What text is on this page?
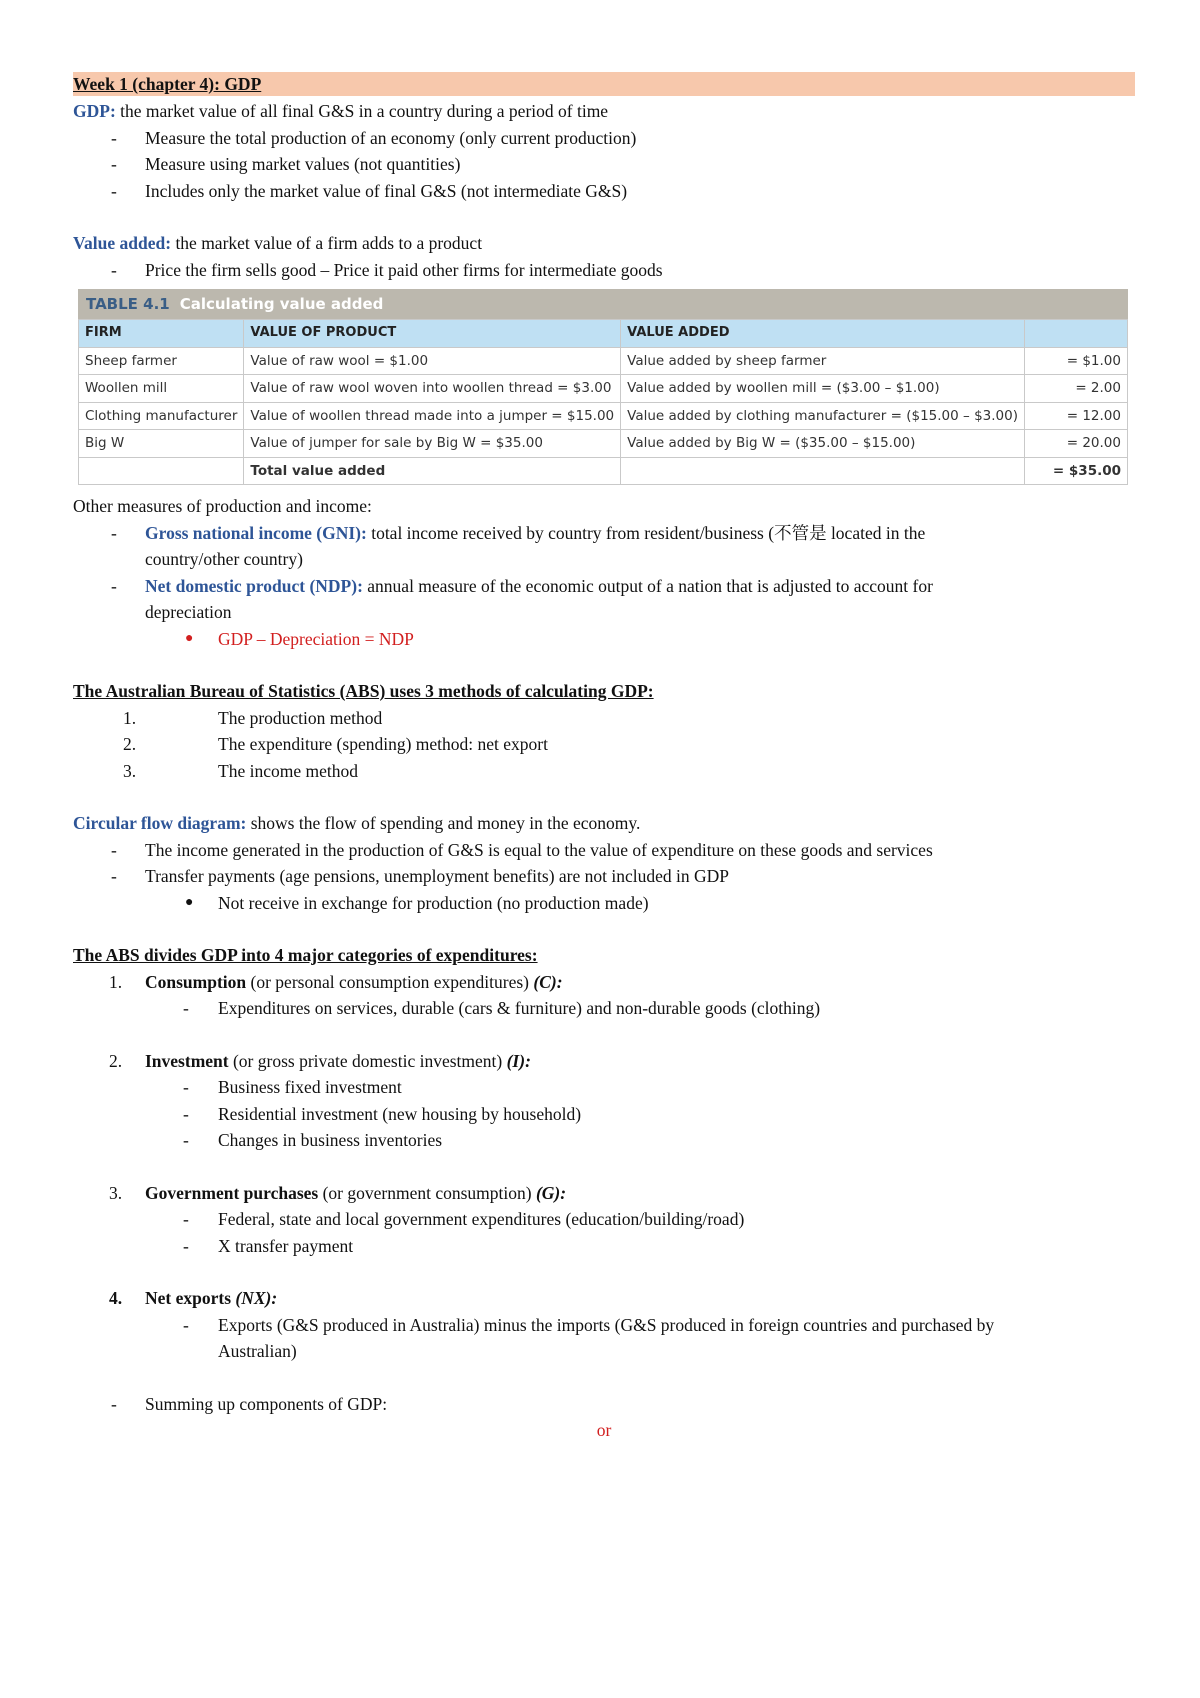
Week 1 (chapter 4): GDP
GDP: the market value of all final G&S in a country during a period of time
- Measure the total production of an economy (only current production)
- Measure using market values (not quantities)
- Includes only the market value of final G&S (not intermediate G&S)
Value added: the market value of a firm adds to a product
- Price the firm sells good – Price it paid other firms for intermediate goods
TABLE 4.1 Calculating value added
FIRM	VALUE OF PRODUCT	VALUE ADDED	
Sheep farmer	Value of raw wool = $1.00	Value added by sheep farmer	= $1.00
Woollen mill	Value of raw wool woven into woollen thread = $3.00	Value added by woollen mill = ($3.00 – $1.00)	= 2.00
Clothing manufacturer	Value of woollen thread made into a jumper = $15.00	Value added by clothing manufacturer = ($15.00 – $3.00)	= 12.00
Big W	Value of jumper for sale by Big W = $35.00	Value added by Big W = ($35.00 – $15.00)	= 20.00
	Total value added		= $35.00
Other measures of production and income:
- Gross national income (GNI): total income received by country from resident/business (不管是 located in the
country/other country)
- Net domestic product (NDP): annual measure of the economic output of a nation that is adjusted to account for
depreciation
● GDP – Depreciation = NDP
The Australian Bureau of Statistics (ABS) uses 3 methods of calculating GDP:
1.	The production method
2.	The expenditure (spending) method: net export
3.	The income method
Circular flow diagram: shows the flow of spending and money in the economy.
- The income generated in the production of G&S is equal to the value of expenditure on these goods and services
- Transfer payments (age pensions, unemployment benefits) are not included in GDP
● Not receive in exchange for production (no production made)
The ABS divides GDP into 4 major categories of expenditures:
1. Consumption (or personal consumption expenditures) (C):
- Expenditures on services, durable (cars & furniture) and non-durable goods (clothing)
2. Investment (or gross private domestic investment) (I):
- Business fixed investment
- Residential investment (new housing by household)
- Changes in business inventories
3. Government purchases (or government consumption) (G):
- Federal, state and local government expenditures (education/building/road)
- X transfer payment
4. Net exports (NX):
- Exports (G&S produced in Australia) minus the imports (G&S produced in foreign countries and purchased by
Australian)
- Summing up components of GDP:
or
